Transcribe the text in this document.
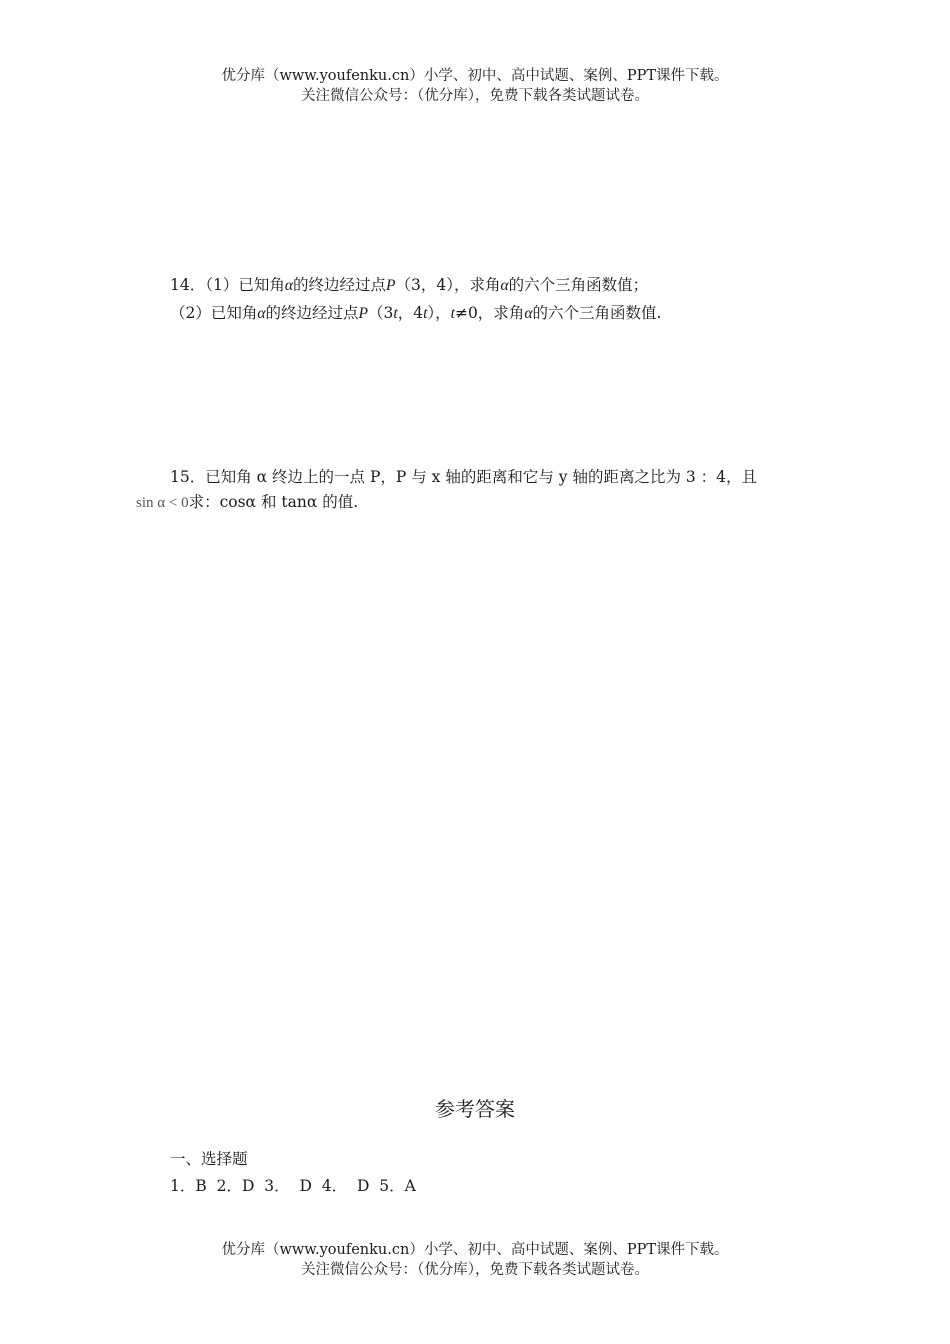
优分库（www.youfenku.cn）小学、初中、高中试题、案例、PPT课件下载。
关注微信公众号：（优分库），免费下载各类试题试卷。
14．（1）已知角α的终边经过点P（3，4），求角α的六个三角函数值；
（2）已知角α的终边经过点P（3t，4t），t≠0，求角α的六个三角函数值.
15．已知角 α 终边上的一点 P，P 与 x 轴的距离和它与 y 轴的距离之比为 3 ：4，且
sin α < 0求：cosα 和 tanα 的值.
参考答案
一、选择题
1．B  2．D  3．  D  4．  D  5．A
优分库（www.youfenku.cn）小学、初中、高中试题、案例、PPT课件下载。
关注微信公众号：（优分库），免费下载各类试题试卷。
